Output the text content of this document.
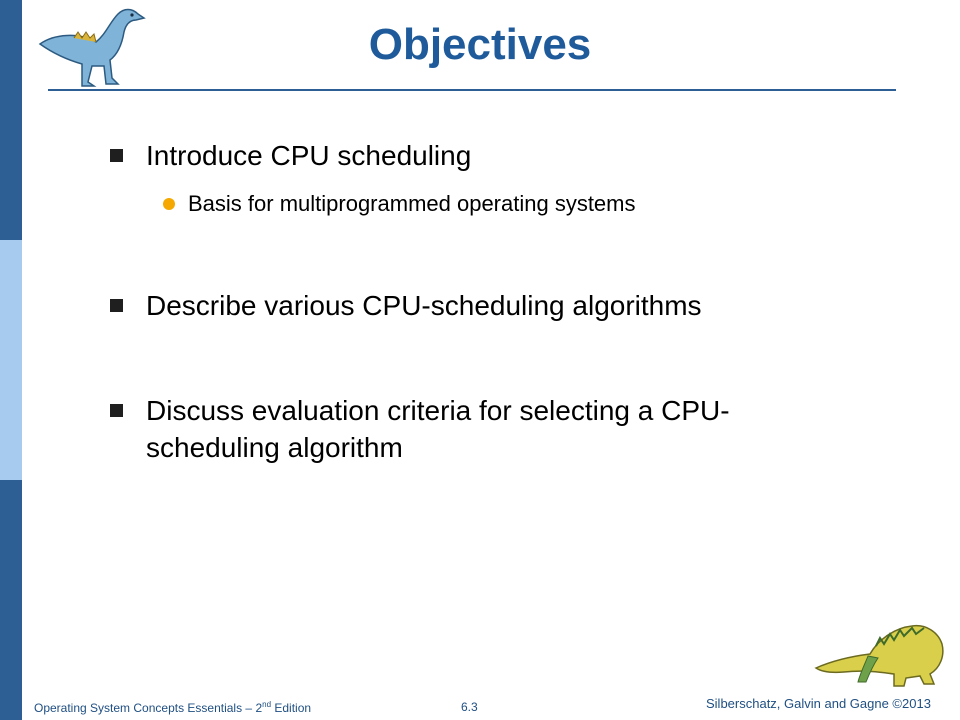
Objectives
Introduce CPU scheduling
Basis for multiprogrammed operating systems
Describe various CPU-scheduling algorithms
Discuss evaluation criteria for selecting a CPU-
scheduling algorithm
Operating System Concepts Essentials – 2nd Edition	6.3	Silberschatz, Galvin and Gagne ©2013
